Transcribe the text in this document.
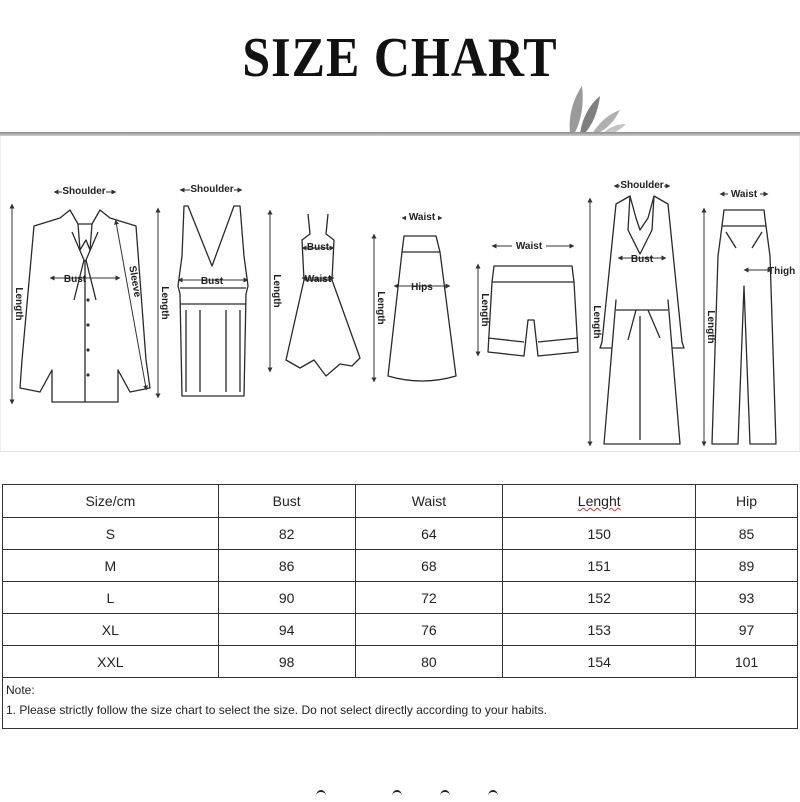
SIZE CHART
Shoulder
Bust
Length
Sleeve
Shoulder
Bust
Length
Bust
Waist
Length
Waist
Hips
Length
Waist
Length
Shoulder
Bust
Length
Waist
Thigh
Length
Size/cm	Bust	Waist	Lenght	Hip
S	82	64	150	85
M	86	68	151	89
L	90	72	152	93
XL	94	76	153	97
XXL	98	80	154	101

Note:
1. Please strictly follow the size chart to select the size. Do not select directly according to your habits.				
